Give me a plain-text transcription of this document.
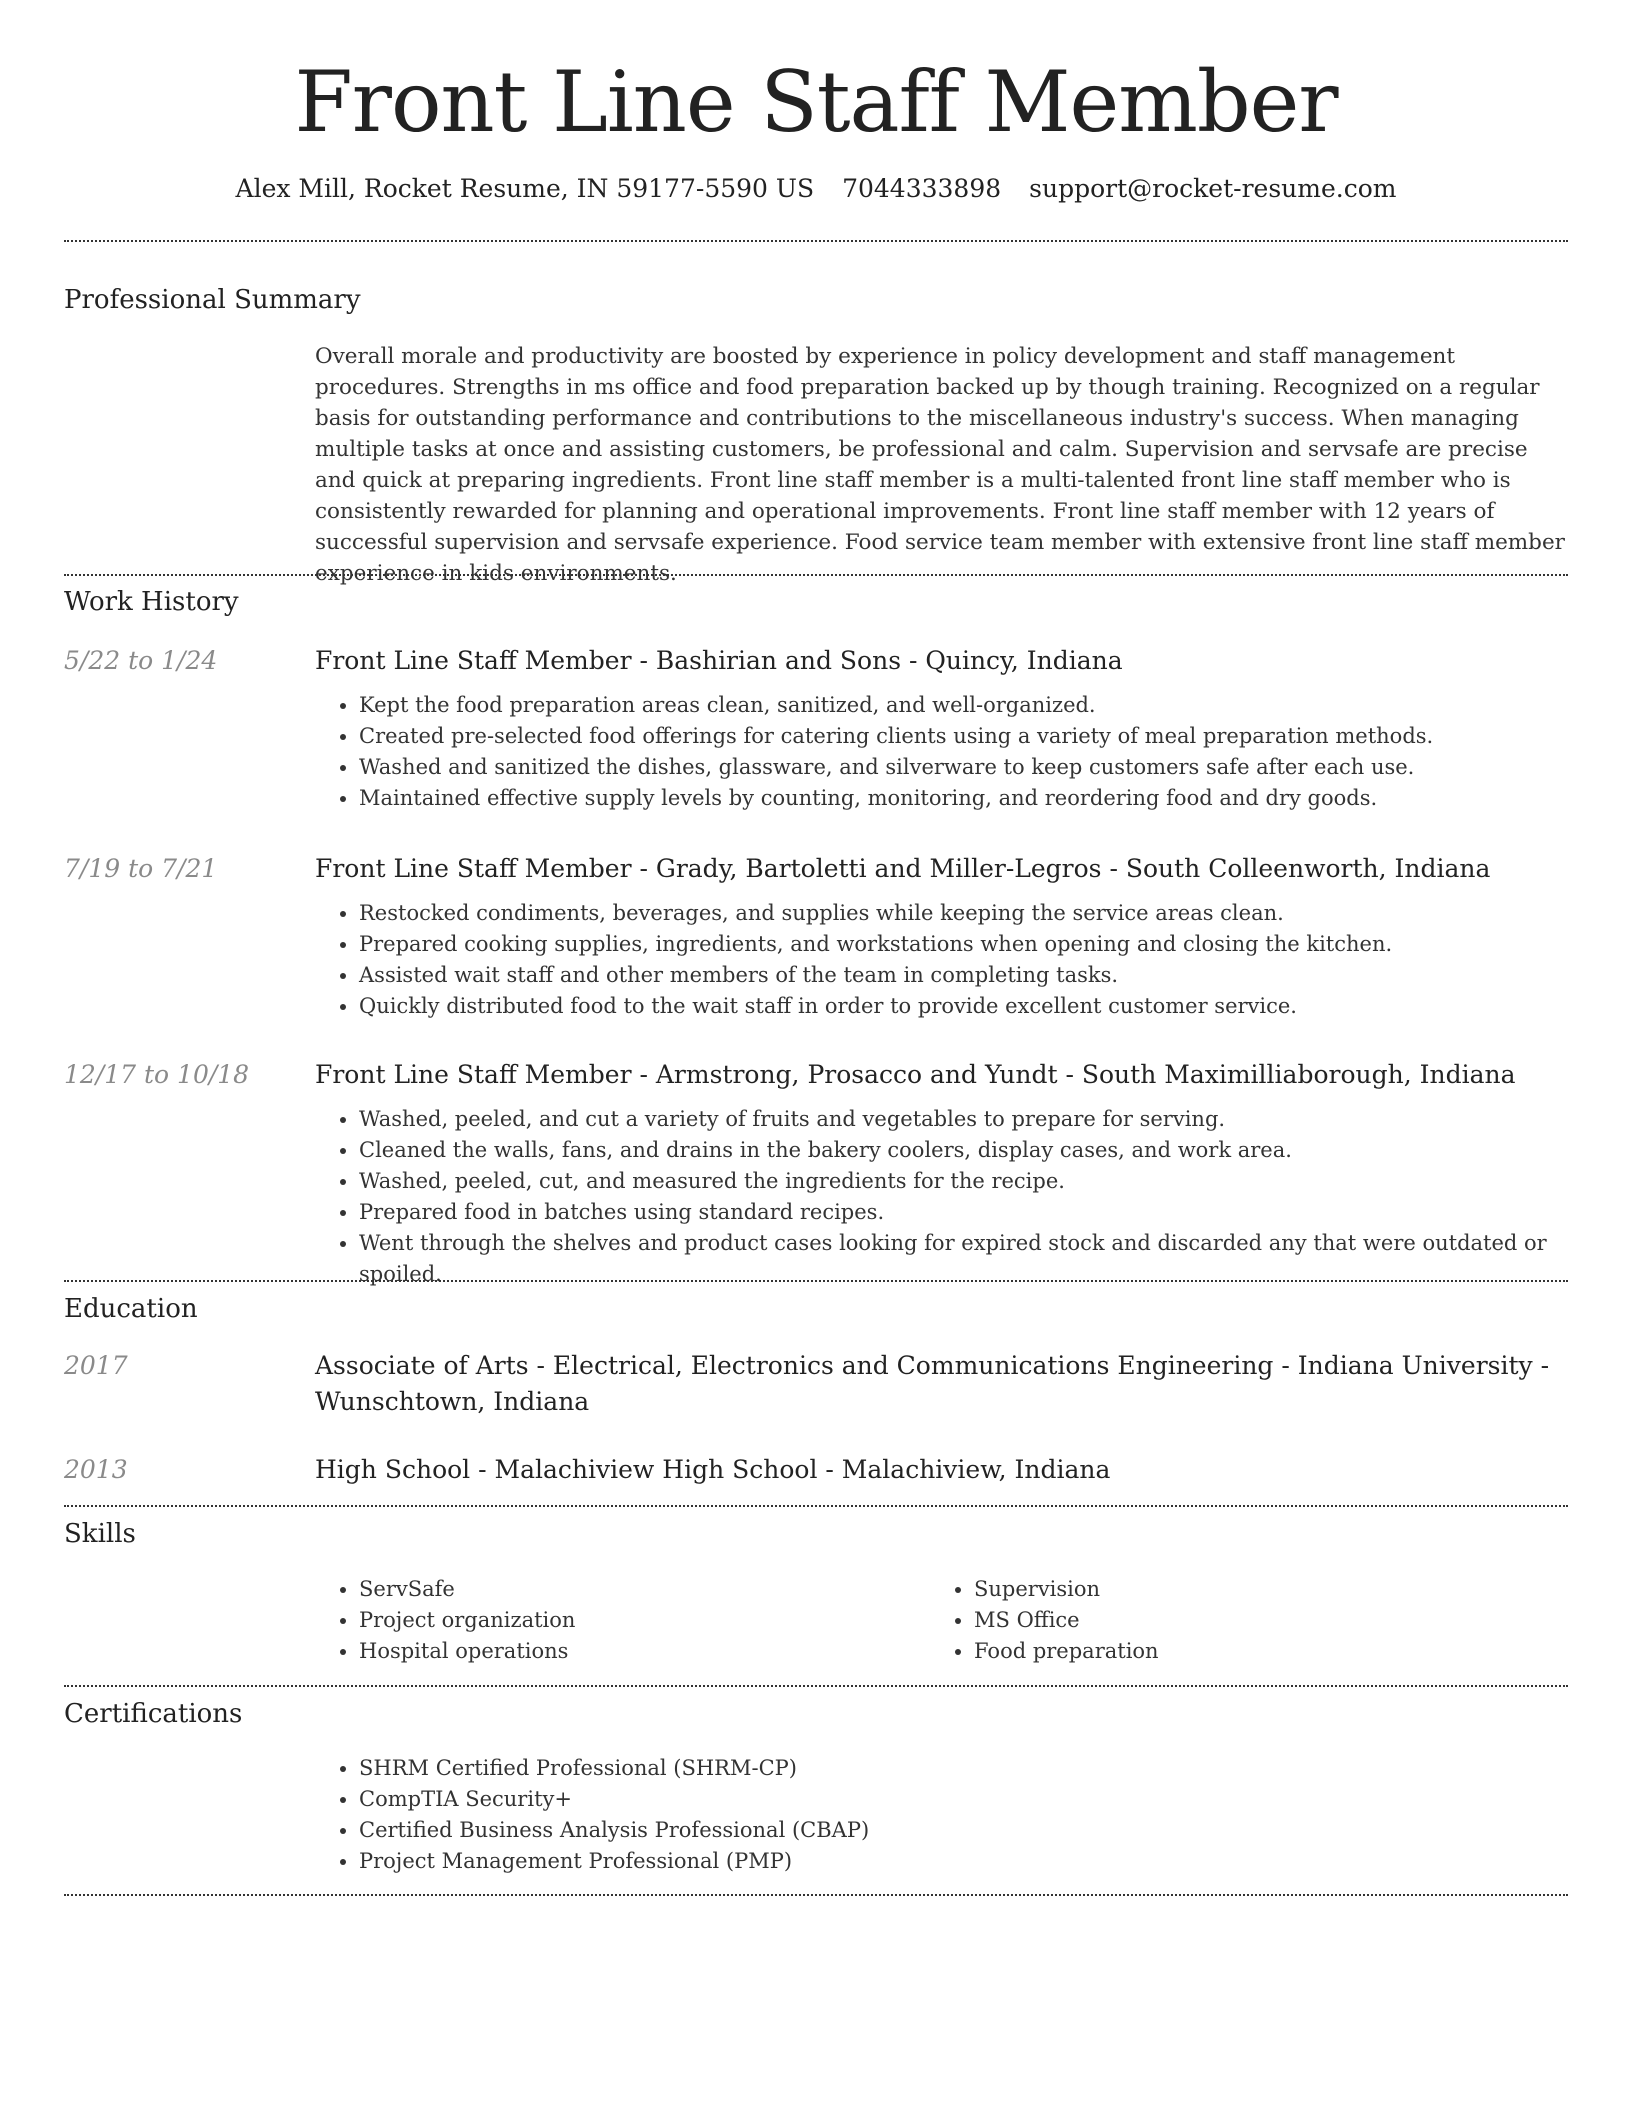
Front Line Staff Member
Alex Mill, Rocket Resume, IN 59177-5590 US 7044333898 support@rocket-resume.com
Professional Summary
Overall morale and productivity are boosted by experience in policy development and staff management procedures. Strengths in ms office and food preparation backed up by though training. Recognized on a regular basis for outstanding performance and contributions to the miscellaneous industry's success. When managing multiple tasks at once and assisting customers, be professional and calm. Supervision and servsafe are precise and quick at preparing ingredients. Front line staff member is a multi-talented front line staff member who is consistently rewarded for planning and operational improvements. Front line staff member with 12 years of successful supervision and servsafe experience. Food service team member with extensive front line staff member experience in kids environments.
Work History
5/22 to 1/24	Front Line Staff Member - Bashirian and Sons - Quincy, Indiana
• Kept the food preparation areas clean, sanitized, and well-organized.
• Created pre-selected food offerings for catering clients using a variety of meal preparation methods.
• Washed and sanitized the dishes, glassware, and silverware to keep customers safe after each use.
• Maintained effective supply levels by counting, monitoring, and reordering food and dry goods.
7/19 to 7/21	Front Line Staff Member - Grady, Bartoletti and Miller-Legros - South Colleenworth, Indiana
• Restocked condiments, beverages, and supplies while keeping the service areas clean.
• Prepared cooking supplies, ingredients, and workstations when opening and closing the kitchen.
• Assisted wait staff and other members of the team in completing tasks.
• Quickly distributed food to the wait staff in order to provide excellent customer service.
12/17 to 10/18	Front Line Staff Member - Armstrong, Prosacco and Yundt - South Maximilliaborough, Indiana
• Washed, peeled, and cut a variety of fruits and vegetables to prepare for serving.
• Cleaned the walls, fans, and drains in the bakery coolers, display cases, and work area.
• Washed, peeled, cut, and measured the ingredients for the recipe.
• Prepared food in batches using standard recipes.
• Went through the shelves and product cases looking for expired stock and discarded any that were outdated or spoiled.
Education
2017	Associate of Arts - Electrical, Electronics and Communications Engineering - Indiana University - Wunschtown, Indiana
2013	High School - Malachiview High School - Malachiview, Indiana
Skills
• ServSafe
• Project organization
• Hospital operations
• Supervision
• MS Office
• Food preparation
Certifications
• SHRM Certified Professional (SHRM-CP)
• CompTIA Security+
• Certified Business Analysis Professional (CBAP)
• Project Management Professional (PMP)
